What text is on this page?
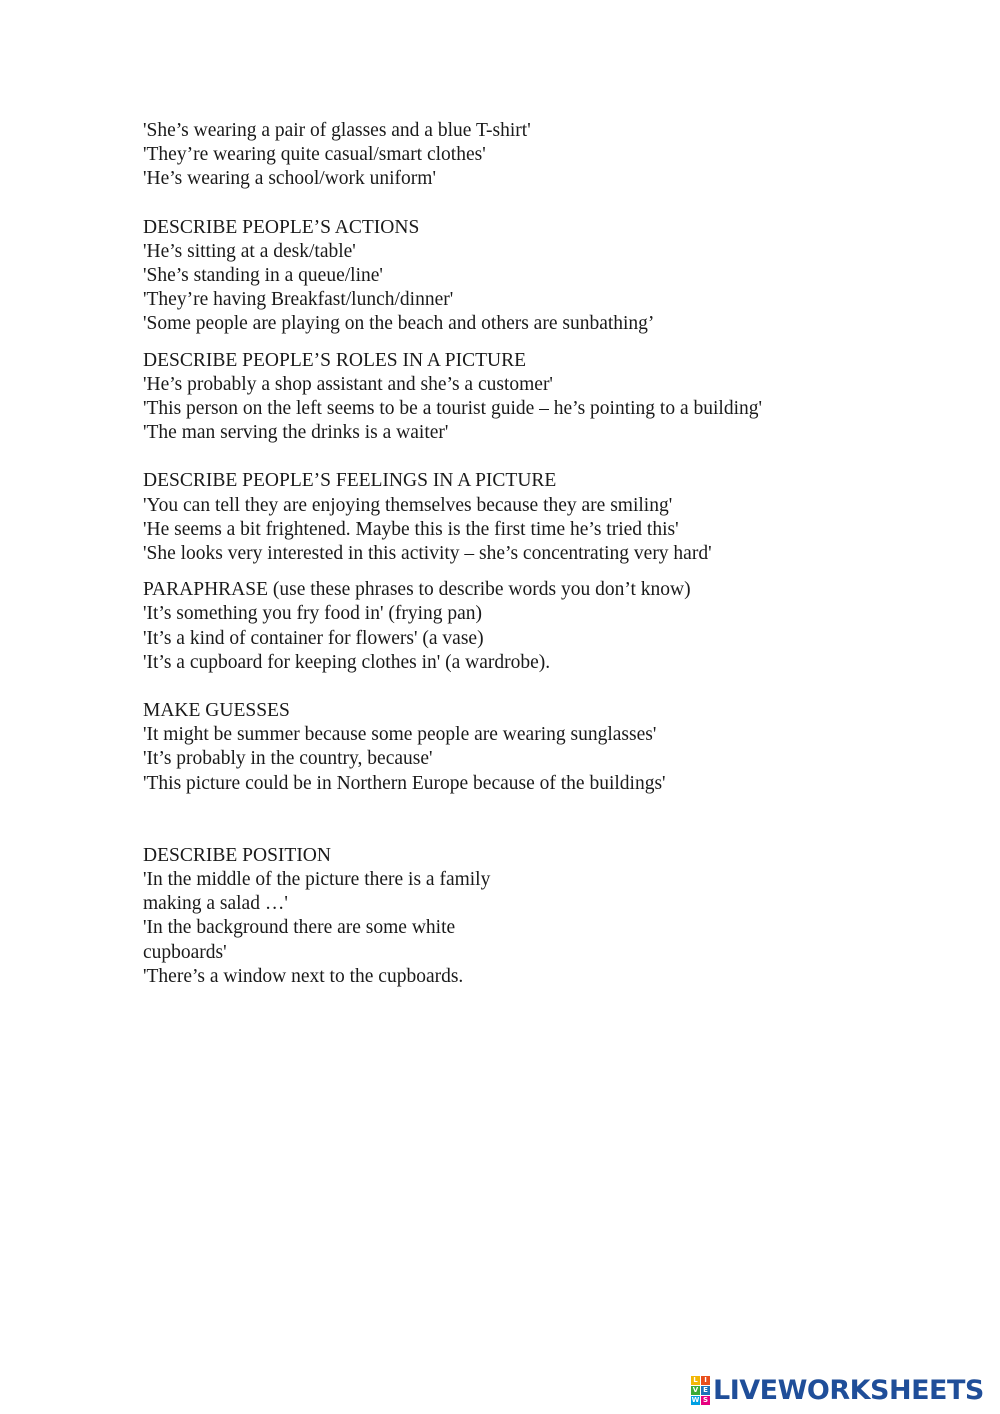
'She’s wearing a pair of glasses and a blue T-shirt'

'They’re wearing quite casual/smart clothes'

'He’s wearing a school/work uniform'

DESCRIBE PEOPLE’S ACTIONS

'He’s sitting at a desk/table'

'She’s standing in a queue/line'

'They’re having Breakfast/lunch/dinner'

'Some people are playing on the beach and others are sunbathing’

DESCRIBE PEOPLE’S ROLES IN A PICTURE

'He’s probably a shop assistant and she’s a customer'

'This person on the left seems to be a tourist guide – he’s pointing to a building'

'The man serving the drinks is a waiter'

DESCRIBE PEOPLE’S FEELINGS IN A PICTURE

'You can tell they are enjoying themselves because they are smiling'

'He seems a bit frightened. Maybe this is the first time he’s tried this'

'She looks very interested in this activity – she’s concentrating very hard'

PARAPHRASE (use these phrases to describe words you don’t know)

'It’s something you fry food in' (frying pan)

'It’s a kind of container for flowers' (a vase)

'It’s a cupboard for keeping clothes in' (a wardrobe).

MAKE GUESSES

'It might be summer because some people are wearing sunglasses'

'It’s probably in the country, because'

'This picture could be in Northern Europe because of the buildings'

DESCRIBE POSITION

'In the middle of the picture there is a family

making a salad …'

'In the background there are some white

cupboards'

'There’s a window next to the cupboards.

L I
V E
W S LIVEWORKSHEETS
